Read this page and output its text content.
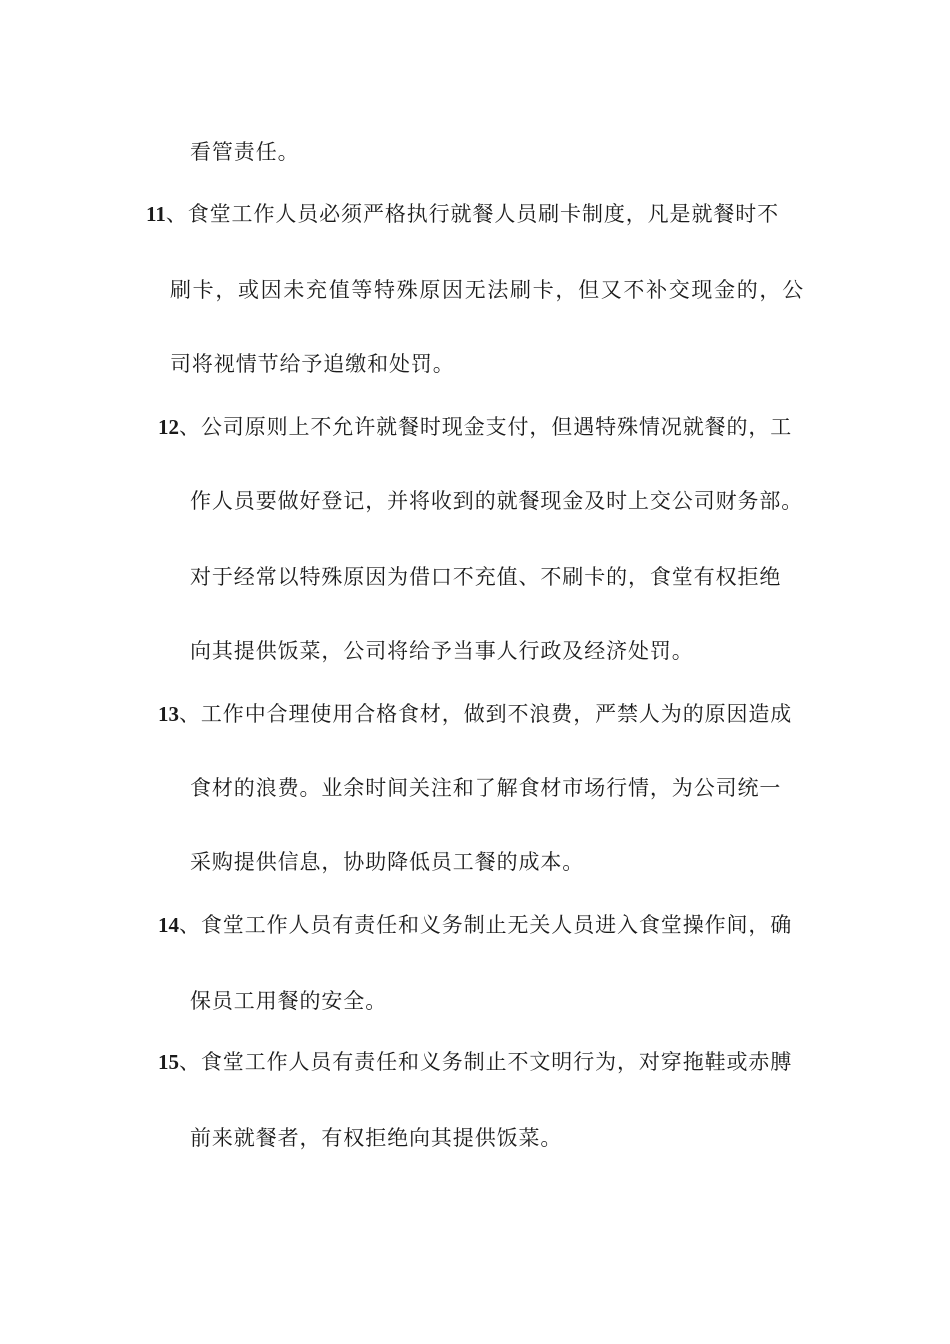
看管责任。
11、食堂工作人员必须严格执行就餐人员刷卡制度，凡是就餐时不
刷卡，或因未充值等特殊原因无法刷卡，但又不补交现金的，公
司将视情节给予追缴和处罚。
12、公司原则上不允许就餐时现金支付，但遇特殊情况就餐的，工
作人员要做好登记，并将收到的就餐现金及时上交公司财务部。
对于经常以特殊原因为借口不充值、不刷卡的，食堂有权拒绝
向其提供饭菜，公司将给予当事人行政及经济处罚。
13、工作中合理使用合格食材，做到不浪费，严禁人为的原因造成
食材的浪费。业余时间关注和了解食材市场行情，为公司统一
采购提供信息，协助降低员工餐的成本。
14、食堂工作人员有责任和义务制止无关人员进入食堂操作间，确
保员工用餐的安全。
15、食堂工作人员有责任和义务制止不文明行为，对穿拖鞋或赤膊
前来就餐者，有权拒绝向其提供饭菜。
